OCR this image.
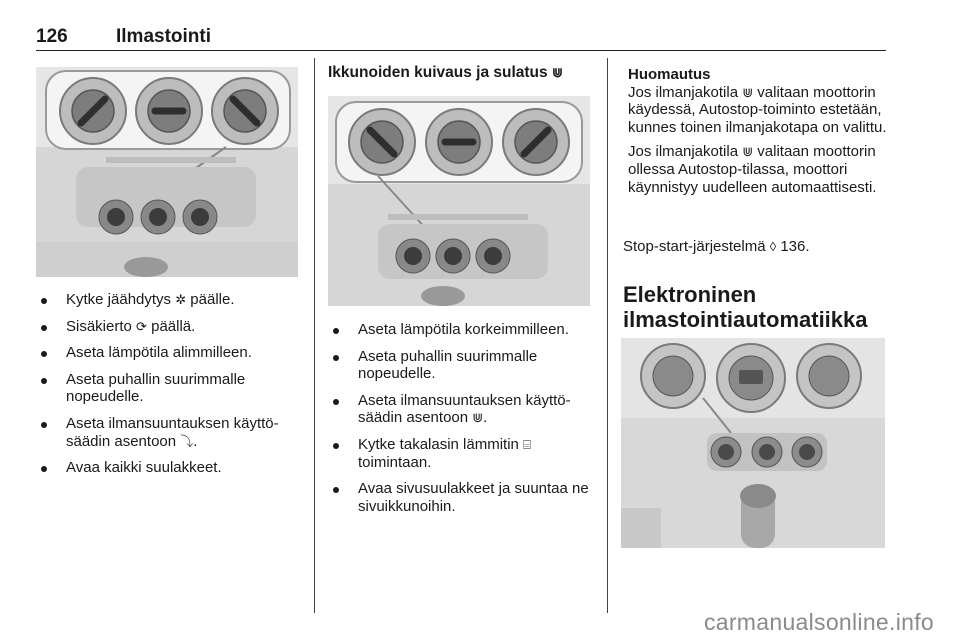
126	Ilmastointi
Kytke jäähdytys ✲ päälle.
Sisäkierto ⟳ päällä.
Aseta lämpötila alimmilleen.
Aseta puhallin suurimmalle nopeudelle.
Aseta ilmansuuntauksen käyttösäädin asentoon ⤵.
Avaa kaikki suulakkeet.
Ikkunoiden kuivaus ja sulatus ⋓
Aseta lämpötila korkeimmilleen.
Aseta puhallin suurimmalle nopeudelle.
Aseta ilmansuuntauksen käyttösäädin asentoon ⋓.
Kytke takalasin lämmitin ⌸ toimintaan.
Avaa sivusuulakkeet ja suuntaa ne sivuikkunoihin.
Huomautus

Jos ilmanjakotila ⋓ valitaan moottorin käydessä, Autostop-toiminto estetään, kunnes toinen ilmanjakotapa on valittu.

Jos ilmanjakotila ⋓ valitaan moottorin ollessa Autostop-tilassa, moottori käynnistyy uudelleen automaattisesti.

Stop-start-järjestelmä ◊ 136.
Elektroninen ilmastointiautomatiikka
carmanualsonline.info
